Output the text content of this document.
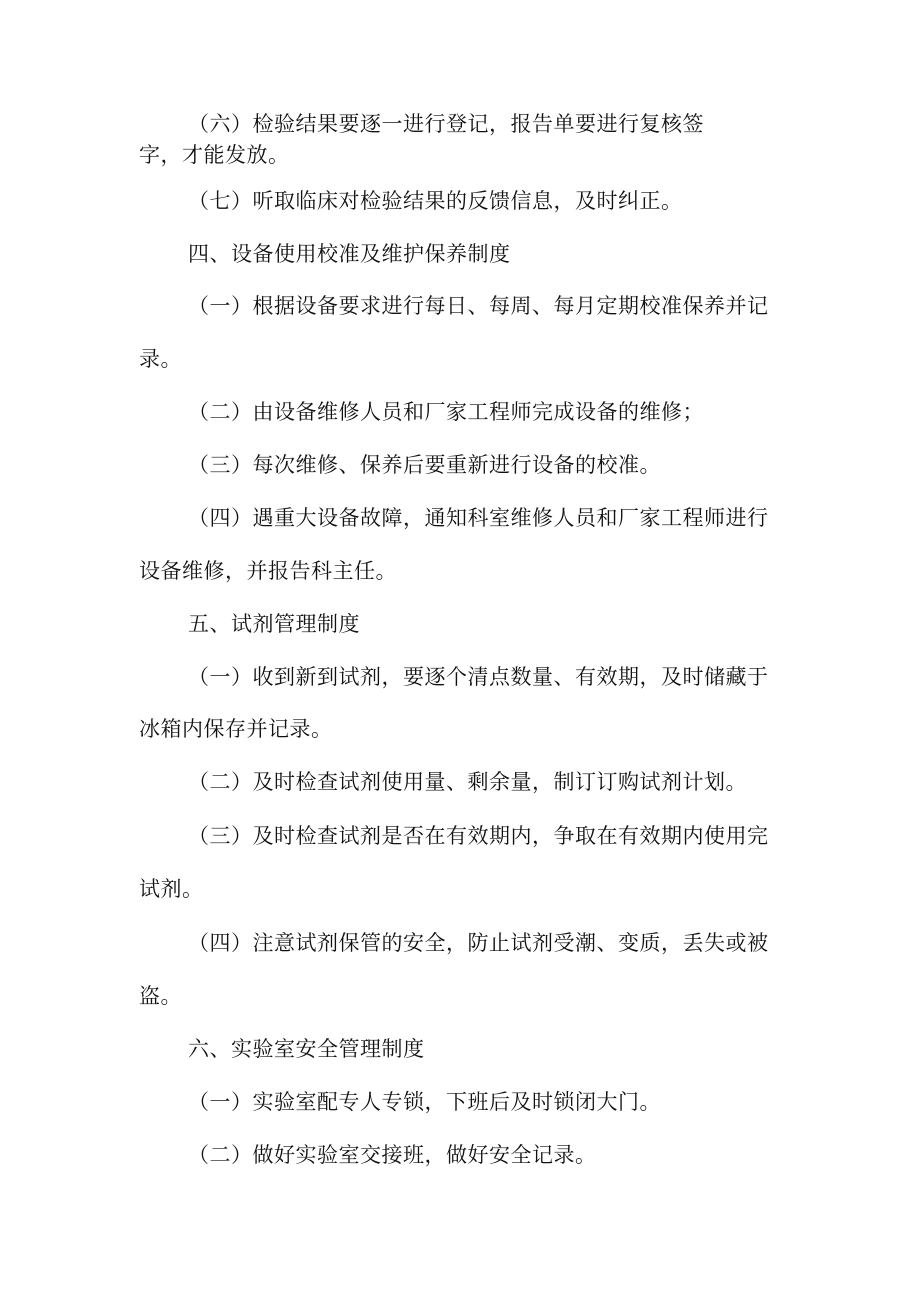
（六）检验结果要逐一进行登记，报告单要进行复核签
字，才能发放。
（七）听取临床对检验结果的反馈信息，及时纠正。
四、设备使用校准及维护保养制度
（一）根据设备要求进行每日、每周、每月定期校准保养并记
录。
（二）由设备维修人员和厂家工程师完成设备的维修；
（三）每次维修、保养后要重新进行设备的校准。
（四）遇重大设备故障，通知科室维修人员和厂家工程师进行
设备维修，并报告科主任。
五、试剂管理制度
（一）收到新到试剂，要逐个清点数量、有效期，及时储藏于
冰箱内保存并记录。
（二）及时检查试剂使用量、剩余量，制订订购试剂计划。
（三）及时检查试剂是否在有效期内，争取在有效期内使用完
试剂。
（四）注意试剂保管的安全，防止试剂受潮、变质，丢失或被
盗。
六、实验室安全管理制度
（一）实验室配专人专锁，下班后及时锁闭大门。
（二）做好实验室交接班，做好安全记录。
